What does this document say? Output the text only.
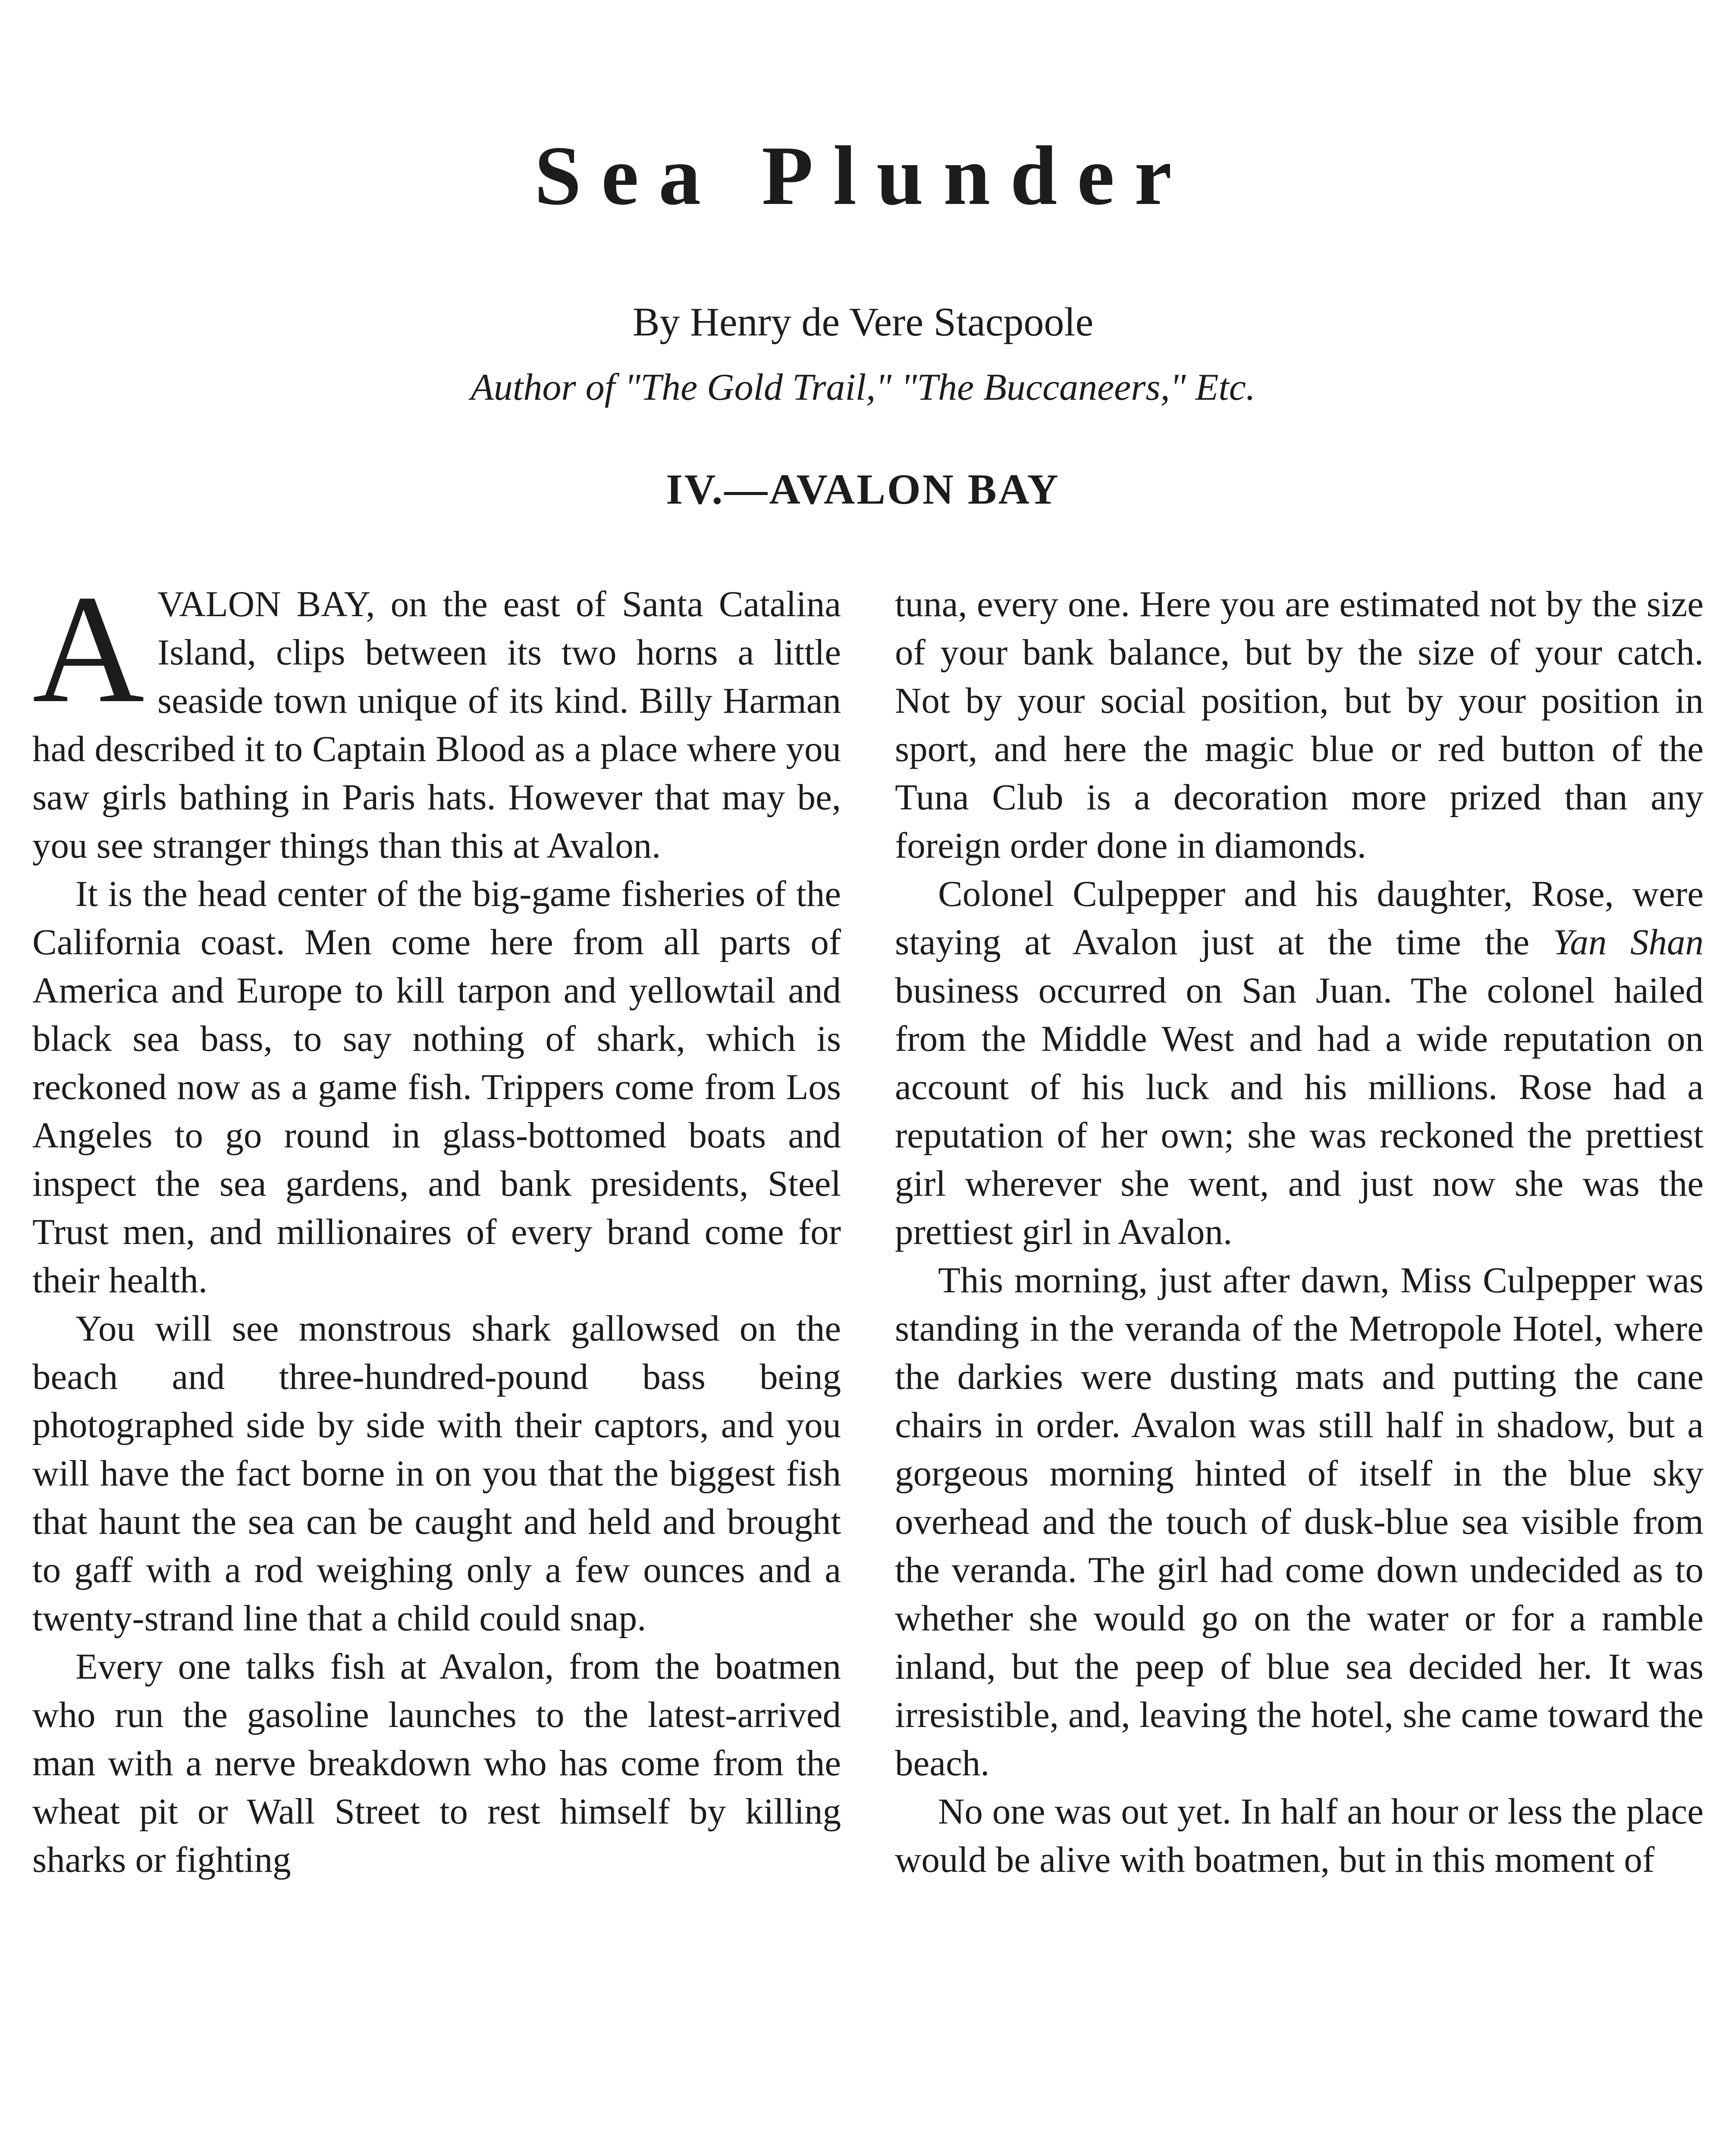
Sea Plunder
By Henry de Vere Stacpoole
Author of "The Gold Trail," "The Buccaneers," Etc.
IV.—AVALON BAY

AVALON BAY, on the east of Santa Catalina Island, clips between its two horns a little seaside town unique of its kind. Billy Harman had described it to Captain Blood as a place where you saw girls bathing in Paris hats. However that may be, you see stranger things than this at Avalon.

It is the head center of the big-game fisheries of the California coast. Men come here from all parts of America and Europe to kill tarpon and yellowtail and black sea bass, to say nothing of shark, which is reckoned now as a game fish. Trippers come from Los Angeles to go round in glass-bottomed boats and inspect the sea gardens, and bank presidents, Steel Trust men, and millionaires of every brand come for their health.

You will see monstrous shark gallowsed on the beach and three-hundred-pound bass being photographed side by side with their captors, and you will have the fact borne in on you that the biggest fish that haunt the sea can be caught and held and brought to gaff with a rod weighing only a few ounces and a twenty-strand line that a child could snap.

Every one talks fish at Avalon, from the boatmen who run the gasoline launches to the latest-arrived man with a nerve breakdown who has come from the wheat pit or Wall Street to rest himself by killing sharks or fighting

tuna, every one. Here you are estimated not by the size of your bank balance, but by the size of your catch. Not by your social position, but by your position in sport, and here the magic blue or red button of the Tuna Club is a decoration more prized than any foreign order done in diamonds.

Colonel Culpepper and his daughter, Rose, were staying at Avalon just at the time the Yan Shan business occurred on San Juan. The colonel hailed from the Middle West and had a wide reputation on account of his luck and his millions. Rose had a reputation of her own; she was reckoned the prettiest girl wherever she went, and just now she was the prettiest girl in Avalon.

This morning, just after dawn, Miss Culpepper was standing in the veranda of the Metropole Hotel, where the darkies were dusting mats and putting the cane chairs in order. Avalon was still half in shadow, but a gorgeous morning hinted of itself in the blue sky overhead and the touch of dusk-blue sea visible from the veranda. The girl had come down undecided as to whether she would go on the water or for a ramble inland, but the peep of blue sea decided her. It was irresistible, and, leaving the hotel, she came toward the beach.

No one was out yet. In half an hour or less the place would be alive with boatmen, but in this moment of
